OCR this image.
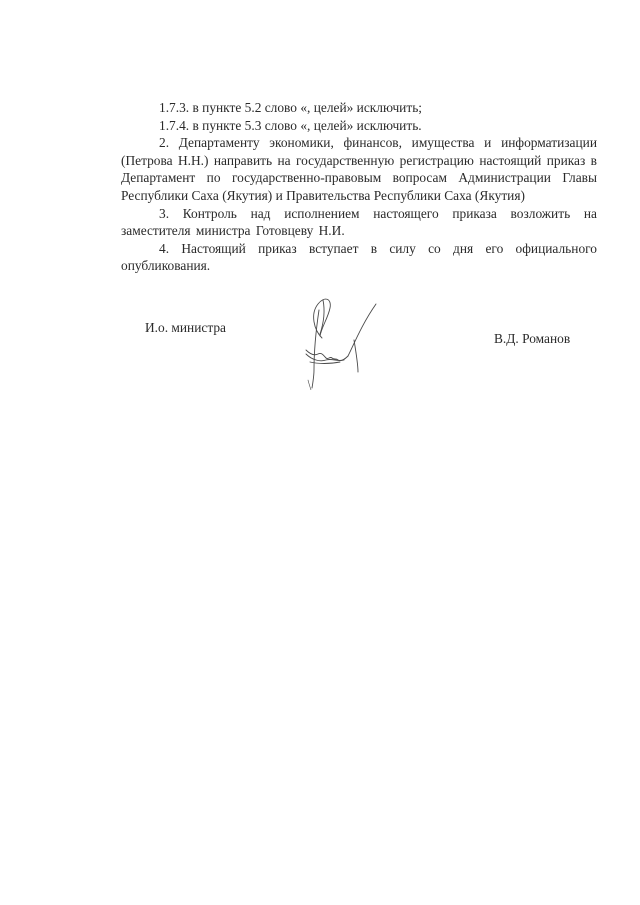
1.7.3. в пункте 5.2 слово «, целей» исключить;

1.7.4. в пункте 5.3 слово «, целей» исключить.

2. Департаменту экономики, финансов, имущества и информатизации (Петрова Н.Н.) направить на государственную регистрацию настоящий приказ в Департамент по государственно-правовым вопросам Администрации Главы Республики Саха (Якутия) и Правительства Республики Саха (Якутия)

3. Контроль над исполнением настоящего приказа возложить на заместителя министра Готовцеву Н.И.

4. Настоящий приказ вступает в силу со дня его официального опубликования.

И.о. министра
В.Д. Романов
